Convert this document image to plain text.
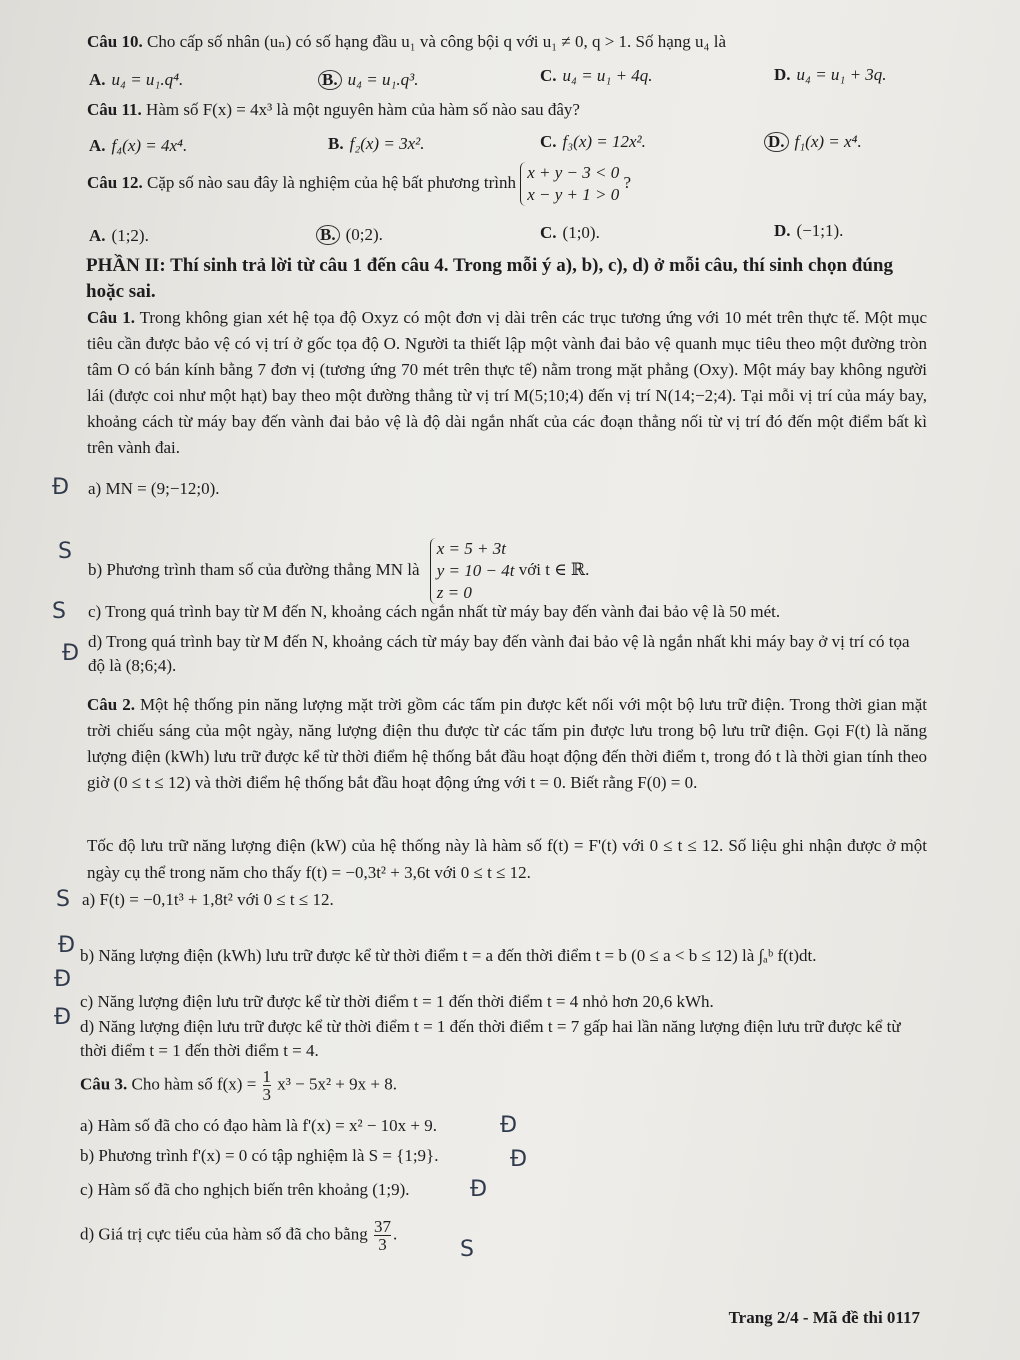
Câu 10. Cho cấp số nhân (uₙ) có số hạng đầu u₁ và công bội q với u₁ ≠ 0, q > 1. Số hạng u₄ là
A. u₄ = u₁.q⁴.	B. u₄ = u₁.q³.	C. u₄ = u₁ + 4q.	D. u₄ = u₁ + 3q.
Câu 11. Hàm số F(x) = 4x³ là một nguyên hàm của hàm số nào sau đây?
A. f₄(x) = 4x⁴.	B. f₂(x) = 3x².	C. f₃(x) = 12x².	D. f₁(x) = x⁴.
Câu 12. Cặp số nào sau đây là nghiệm của hệ bất phương trình x + y − 3 < 0
x − y + 1 > 0 ?
A. (1;2).	B. (0;2).	C. (1;0).	D. (−1;1).
PHẦN II: Thí sinh trả lời từ câu 1 đến câu 4. Trong mỗi ý a), b), c), d) ở mỗi câu, thí sinh chọn đúng hoặc sai.

Câu 1. Trong không gian xét hệ tọa độ Oxyz có một đơn vị dài trên các trục tương ứng với 10 mét trên thực tế. Một mục tiêu cần được bảo vệ có vị trí ở gốc tọa độ O. Người ta thiết lập một vành đai bảo vệ quanh mục tiêu theo một đường tròn tâm O có bán kính bằng 7 đơn vị (tương ứng 70 mét trên thực tế) nằm trong mặt phẳng (Oxy). Một máy bay không người lái (được coi như một hạt) bay theo một đường thẳng từ vị trí M(5;10;4) đến vị trí N(14;−2;4). Tại mỗi vị trí của máy bay, khoảng cách từ máy bay đến vành đai bảo vệ là độ dài ngắn nhất của các đoạn thẳng nối từ vị trí đó đến một điểm bất kì trên vành đai.

a) MN = (9;−12;0).
b) Phương trình tham số của đường thẳng MN là x = 5 + 3t
y = 10 − 4t
z = 0 với t ∈ ℝ.
c) Trong quá trình bay từ M đến N, khoảng cách ngắn nhất từ máy bay đến vành đai bảo vệ là 50 mét.
d) Trong quá trình bay từ M đến N, khoảng cách từ máy bay đến vành đai bảo vệ là ngắn nhất khi máy bay ở vị trí có tọa độ là (8;6;4).

Câu 2. Một hệ thống pin năng lượng mặt trời gồm các tấm pin được kết nối với một bộ lưu trữ điện. Trong thời gian mặt trời chiếu sáng của một ngày, năng lượng điện thu được từ các tấm pin được lưu trong bộ lưu trữ điện. Gọi F(t) là năng lượng điện (kWh) lưu trữ được kể từ thời điểm hệ thống bắt đầu hoạt động đến thời điểm t, trong đó t là thời gian tính theo giờ (0 ≤ t ≤ 12) và thời điểm hệ thống bắt đầu hoạt động ứng với t = 0. Biết rằng F(0) = 0.

Tốc độ lưu trữ năng lượng điện (kW) của hệ thống này là hàm số f(t) = F'(t) với 0 ≤ t ≤ 12. Số liệu ghi nhận được ở một ngày cụ thể trong năm cho thấy f(t) = −0,3t² + 3,6t với 0 ≤ t ≤ 12.
a) F(t) = −0,1t³ + 1,8t² với 0 ≤ t ≤ 12.
b) Năng lượng điện (kWh) lưu trữ được kể từ thời điểm t = a đến thời điểm t = b (0 ≤ a < b ≤ 12) là ∫ₐᵇ f(t)dt.
c) Năng lượng điện lưu trữ được kể từ thời điểm t = 1 đến thời điểm t = 4 nhỏ hơn 20,6 kWh.
d) Năng lượng điện lưu trữ được kể từ thời điểm t = 1 đến thời điểm t = 7 gấp hai lần năng lượng điện lưu trữ được kể từ thời điểm t = 1 đến thời điểm t = 4.
Câu 3. Cho hàm số $f(x) = \frac{1}{3} x^3 - 5x^2 + 9x + 8$.
a) Hàm số đã cho có đạo hàm là f'(x) = x² − 10x + 9.
b) Phương trình f'(x) = 0 có tập nghiệm là S = {1;9}.
c) Hàm số đã cho nghịch biến trên khoảng (1;9).
d) Giá trị cực tiểu của hàm số đã cho bằng $\frac{37}{3}$ .
Đ
S
S
Đ
S
Đ
Đ
Đ
Đ
Đ
Đ
S
Trang 2/4 - Mã đề thi 0117
